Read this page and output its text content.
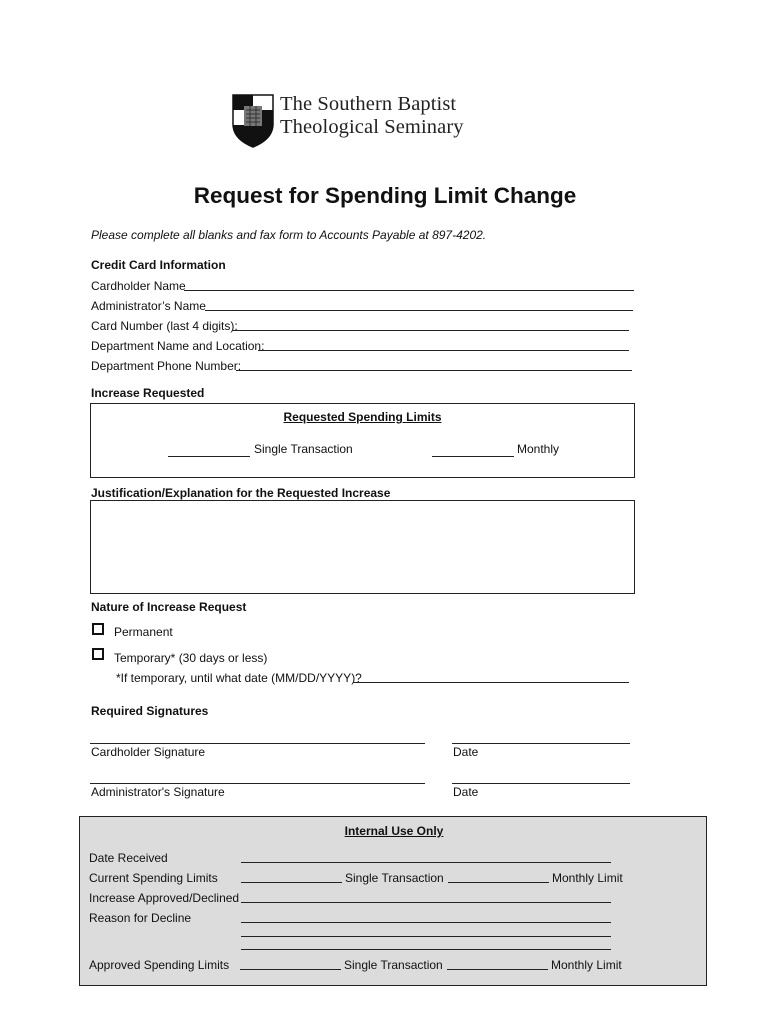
The Southern Baptist
Theological Seminary
Request for Spending Limit Change
Please complete all blanks and fax form to Accounts Payable at 897-4202.
Credit Card Information
Cardholder Name
Administrator’s Name
Card Number (last 4 digits):
Department Name and Location:
Department Phone Number:
Increase Requested
Requested Spending Limits
Single Transaction	Monthly
Justification/Explanation for the Requested Increase
Nature of Increase Request
Permanent
Temporary* (30 days or less)
*If temporary, until what date (MM/DD/YYYY)?
Required Signatures
Cardholder Signature	Date
Administrator's Signature	Date
Internal Use Only
Date Received
Current Spending Limits	Single Transaction	Monthly Limit
Increase Approved/Declined
Reason for Decline
Approved Spending Limits	Single Transaction	Monthly Limit
